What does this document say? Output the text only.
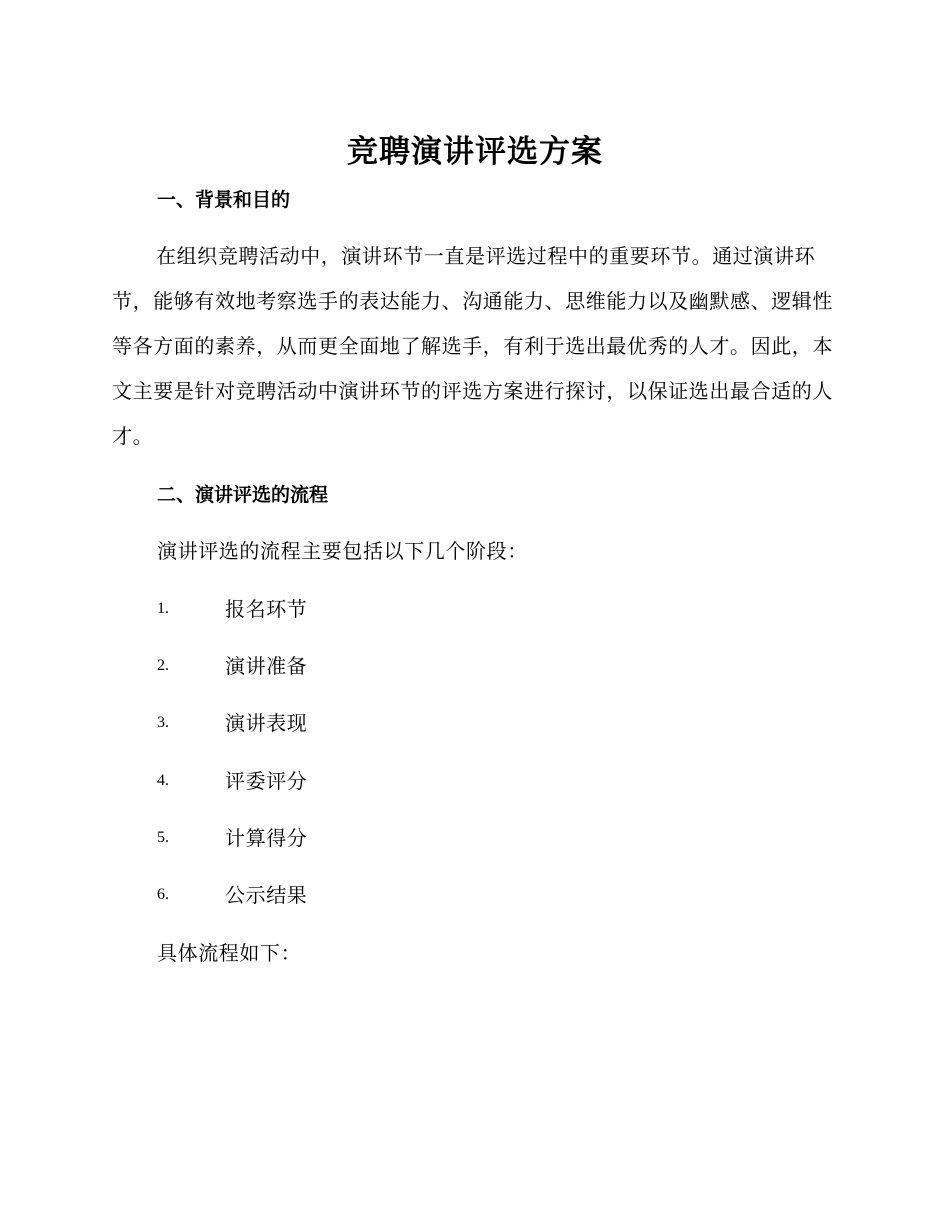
竞聘演讲评选方案
一、背景和目的
在组织竞聘活动中，演讲环节一直是评选过程中的重要环节。通过演讲环节，能够有效地考察选手的表达能力、沟通能力、思维能力以及幽默感、逻辑性等各方面的素养，从而更全面地了解选手，有利于选出最优秀的人才。因此，本文主要是针对竞聘活动中演讲环节的评选方案进行探讨，以保证选出最合适的人才。
二、演讲评选的流程
演讲评选的流程主要包括以下几个阶段：
1.	报名环节
2.	演讲准备
3.	演讲表现
4.	评委评分
5.	计算得分
6.	公示结果
具体流程如下：
